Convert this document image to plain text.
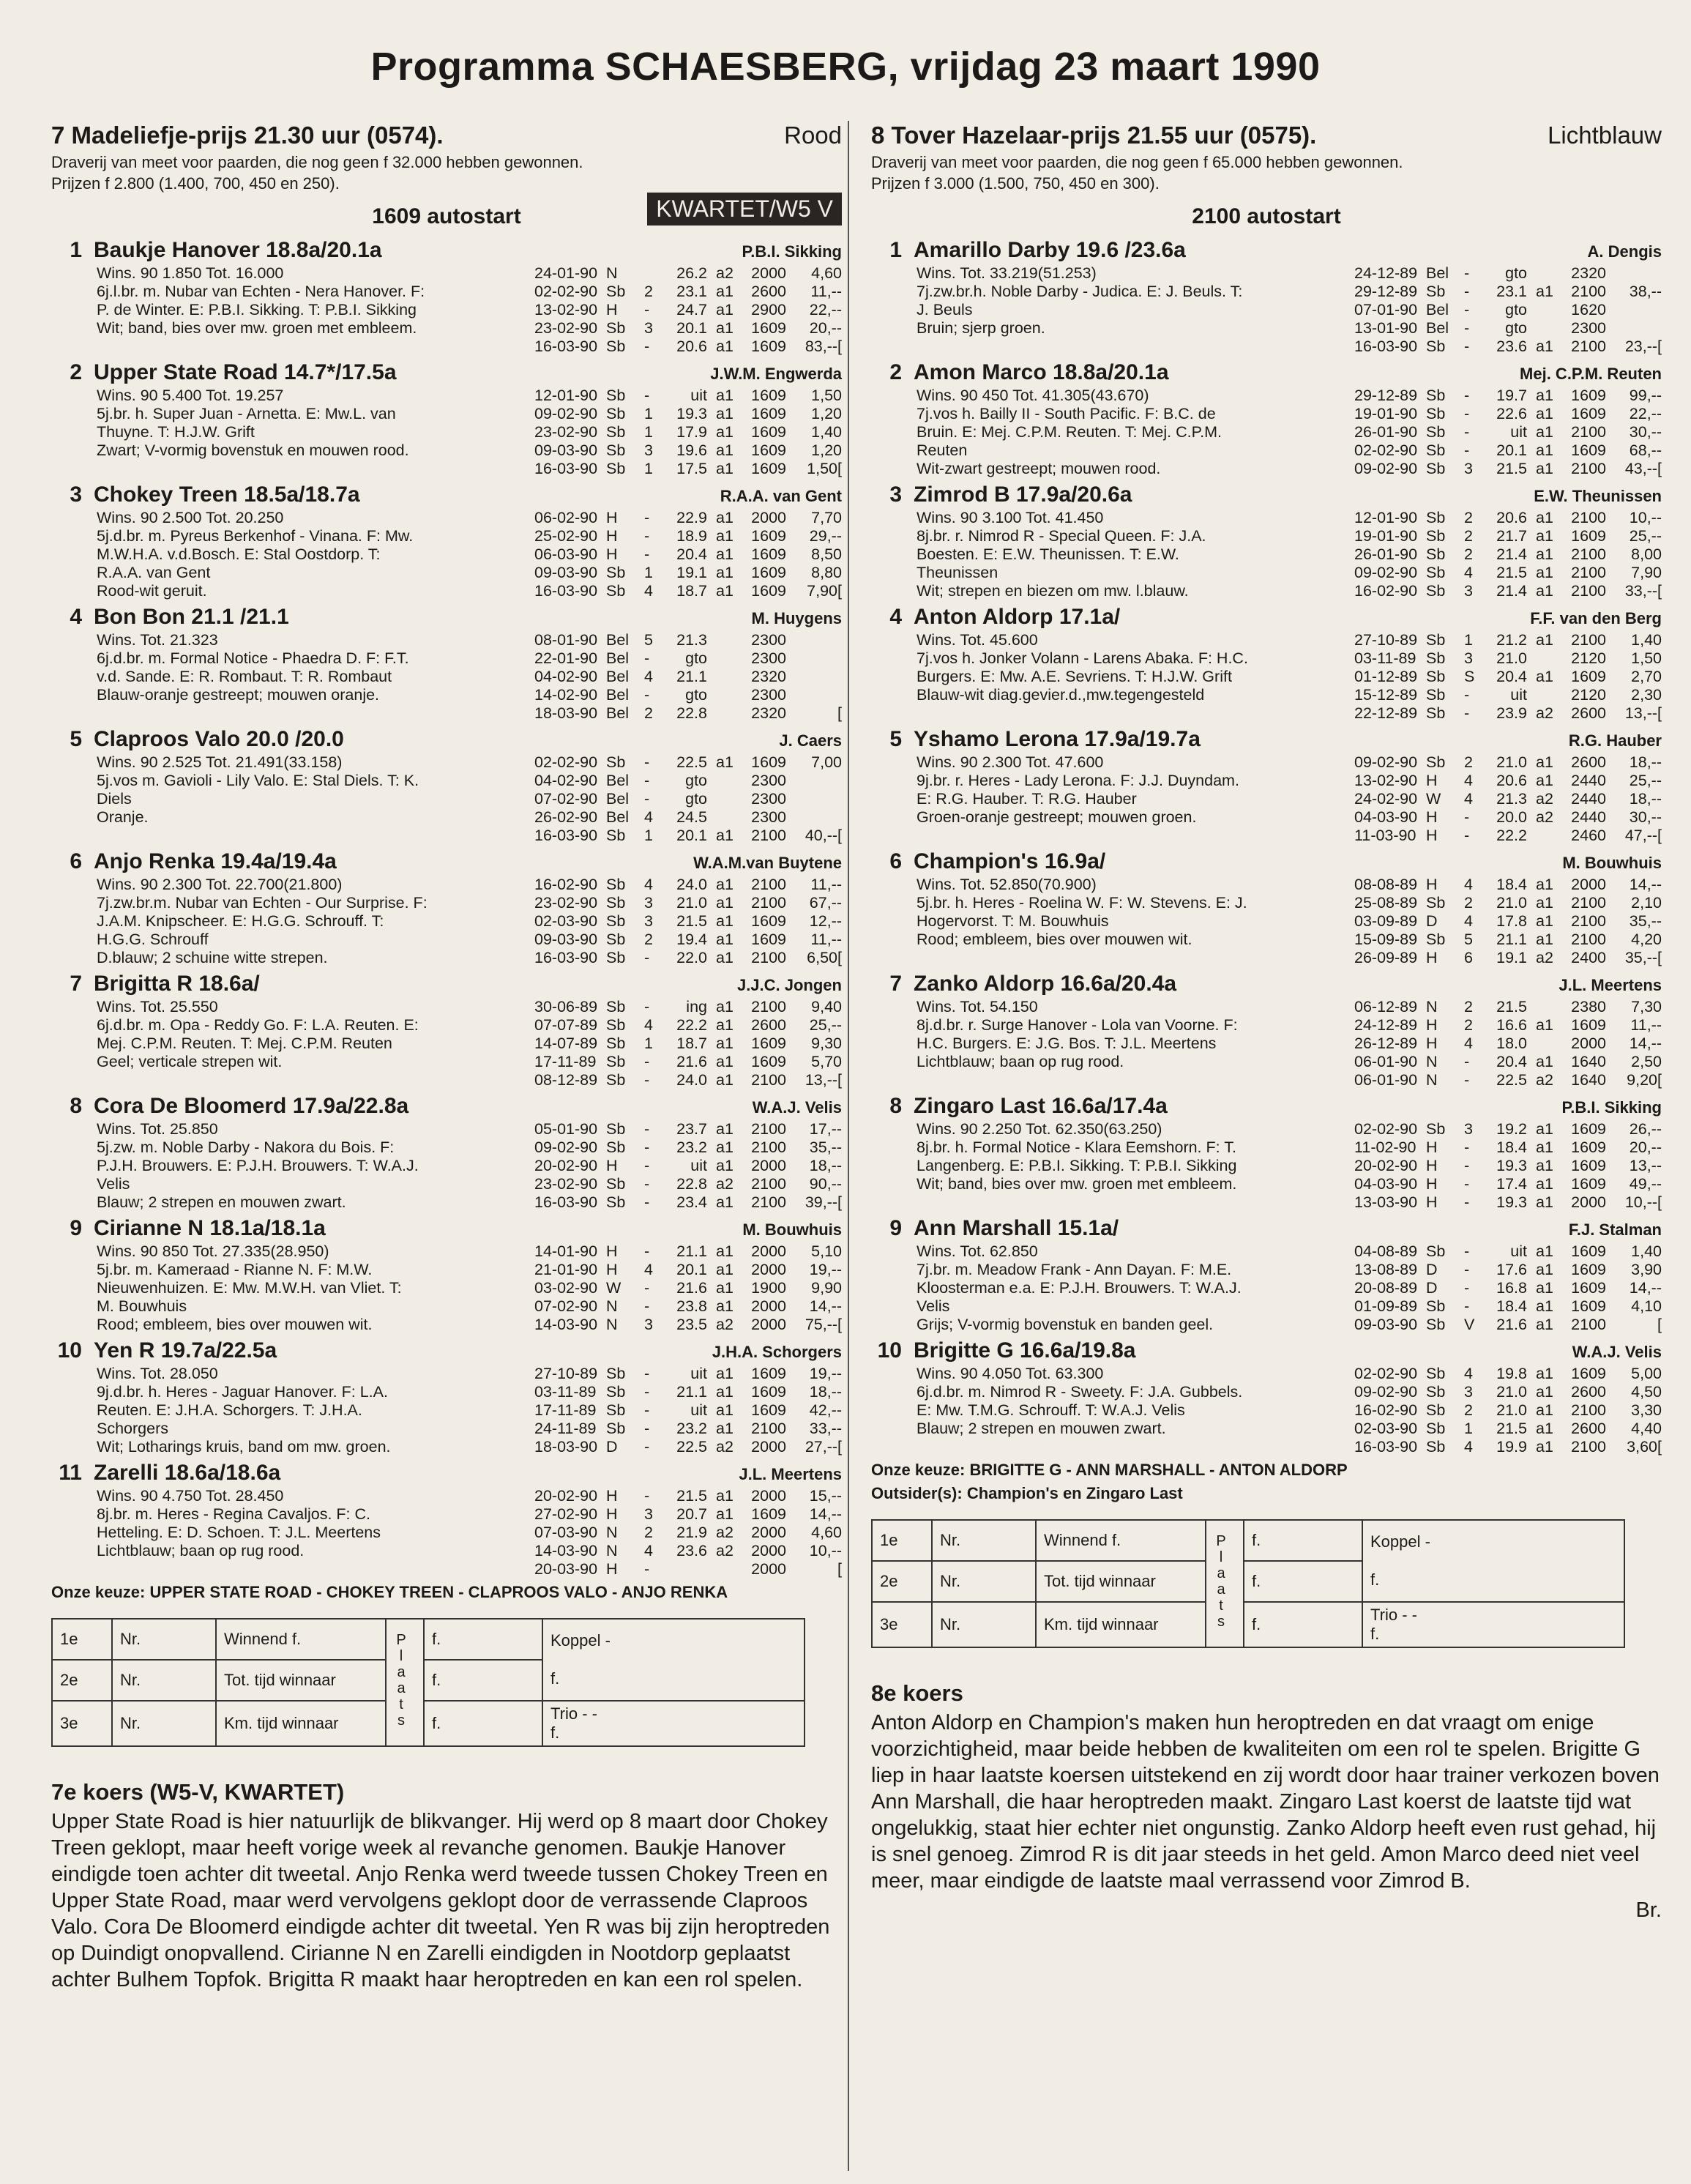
Programma SCHAESBERG, vrijdag 23 maart 1990
7 Madeliefje-prijs 21.30 uur (0574).	Rood
Draverij van meet voor paarden, die nog geen f 32.000 hebben gewonnen.
Prijzen f 2.800 (1.400, 700, 450 en 250).
1609 autostart	KWARTET/W5 V
1 Baukje Hanover 18.8a/20.1a	P.B.I. Sikking
Wins. 90 1.850 Tot. 16.000
6j.l.br. m. Nubar van Echten - Nera Hanover. F:
P. de Winter. E: P.B.I. Sikking. T: P.B.I. Sikking
Wit; band, bies over mw. groen met embleem.
24-01-90 N	26.2 a2	2000	4,60
02-02-90 Sb	2	23.1 a1	2600	11,--
13-02-90 H	-	24.7 a1	2900	22,--
23-02-90 Sb	3	20.1 a1	1609	20,--
16-03-90 Sb	-	20.6 a1	1609	83,--[
2 Upper State Road 14.7*/17.5a	J.W.M. Engwerda
Wins. 90 5.400 Tot. 19.257
5j.br. h. Super Juan - Arnetta. E: Mw.L. van
Thuyne. T: H.J.W. Grift
Zwart; V-vormig bovenstuk en mouwen rood.
12-01-90 Sb	-	uit a1	1609	1,50
09-02-90 Sb	1	19.3 a1	1609	1,20
23-02-90 Sb	1	17.9 a1	1609	1,40
09-03-90 Sb	3	19.6 a1	1609	1,20
16-03-90 Sb	1	17.5 a1	1609	1,50[
3 Chokey Treen 18.5a/18.7a	R.A.A. van Gent
Wins. 90 2.500 Tot. 20.250
5j.d.br. m. Pyreus Berkenhof - Vinana. F: Mw.
M.W.H.A. v.d.Bosch. E: Stal Oostdorp. T:
R.A.A. van Gent
Rood-wit geruit.
06-02-90 H	-	22.9 a1	2000	7,70
25-02-90 H	-	18.9 a1	1609	29,--
06-03-90 H	-	20.4 a1	1609	8,50
09-03-90 Sb	1	19.1 a1	1609	8,80
16-03-90 Sb	4	18.7 a1	1609	7,90[
4 Bon Bon 21.1 /21.1	M. Huygens
Wins. Tot. 21.323
6j.d.br. m. Formal Notice - Phaedra D. F: F.T.
v.d. Sande. E: R. Rombaut. T: R. Rombaut
Blauw-oranje gestreept; mouwen oranje.
08-01-90 Bel 5	21.3	2300
22-01-90 Bel -	gto	2300
04-02-90 Bel 4	21.1	2320
14-02-90 Bel -	gto	2300
18-03-90 Bel 2	22.8	2320	[
5 Claproos Valo 20.0 /20.0	J. Caers
Wins. 90 2.525 Tot. 21.491(33.158)
5j.vos m. Gavioli - Lily Valo. E: Stal Diels. T: K.
Diels
Oranje.
02-02-90 Sb	-	22.5 a1	1609	7,00
04-02-90 Bel -	gto	2300
07-02-90 Bel -	gto	2300
26-02-90 Bel 4	24.5	2300
16-03-90 Sb	1	20.1 a1	2100	40,--[
6 Anjo Renka 19.4a/19.4a	W.A.M.van Buytene
Wins. 90 2.300 Tot. 22.700(21.800)
7j.zw.br.m. Nubar van Echten - Our Surprise. F:
J.A.M. Knipscheer. E: H.G.G. Schrouff. T:
H.G.G. Schrouff
D.blauw; 2 schuine witte strepen.
16-02-90 Sb	4	24.0 a1	2100	11,--
23-02-90 Sb	3	21.0 a1	2100	67,--
02-03-90 Sb	3	21.5 a1	1609	12,--
09-03-90 Sb	2	19.4 a1	1609	11,--
16-03-90 Sb	-	22.0 a1	2100	6,50[
7 Brigitta R 18.6a/	J.J.C. Jongen
Wins. Tot. 25.550
6j.d.br. m. Opa - Reddy Go. F: L.A. Reuten. E:
Mej. C.P.M. Reuten. T: Mej. C.P.M. Reuten
Geel; verticale strepen wit.
30-06-89 Sb	-	ing a1	2100	9,40
07-07-89 Sb	4	22.2 a1	2600	25,--
14-07-89 Sb	1	18.7 a1	1609	9,30
17-11-89 Sb	-	21.6 a1	1609	5,70
08-12-89 Sb	-	24.0 a1	2100	13,--[
8 Cora De Bloomerd 17.9a/22.8a	W.A.J. Velis
Wins. Tot. 25.850
5j.zw. m. Noble Darby - Nakora du Bois. F:
P.J.H. Brouwers. E: P.J.H. Brouwers. T: W.A.J.
Velis
Blauw; 2 strepen en mouwen zwart.
05-01-90 Sb	-	23.7 a1	2100	17,--
09-02-90 Sb	-	23.2 a1	2100	35,--
20-02-90 H	-	uit a1	2000	18,--
23-02-90 Sb	-	22.8 a2	2100	90,--
16-03-90 Sb	-	23.4 a1	2100	39,--[
9 Cirianne N 18.1a/18.1a	M. Bouwhuis
Wins. 90 850 Tot. 27.335(28.950)
5j.br. m. Kameraad - Rianne N. F: M.W.
Nieuwenhuizen. E: Mw. M.W.H. van Vliet. T:
M. Bouwhuis
Rood; embleem, bies over mouwen wit.
14-01-90 H	-	21.1 a1	2000	5,10
21-01-90 H	4	20.1 a1	2000	19,--
03-02-90 W	-	21.6 a1	1900	9,90
07-02-90 N	-	23.8 a1	2000	14,--
14-03-90 N	3	23.5 a2	2000	75,--[
10 Yen R 19.7a/22.5a	J.H.A. Schorgers
Wins. Tot. 28.050
9j.d.br. h. Heres - Jaguar Hanover. F: L.A.
Reuten. E: J.H.A. Schorgers. T: J.H.A.
Schorgers
Wit; Lotharings kruis, band om mw. groen.
27-10-89 Sb	-	uit a1	1609	19,--
03-11-89 Sb	-	21.1 a1	1609	18,--
17-11-89 Sb	-	uit a1	1609	42,--
24-11-89 Sb	-	23.2 a1	2100	33,--
18-03-90 D	-	22.5 a2	2000	27,--[
11 Zarelli 18.6a/18.6a	J.L. Meertens
Wins. 90 4.750 Tot. 28.450
8j.br. m. Heres - Regina Cavaljos. F: C.
Hetteling. E: D. Schoen. T: J.L. Meertens
Lichtblauw; baan op rug rood.
20-02-90 H	-	21.5 a1	2000	15,--
27-02-90 H	3	20.7 a1	1609	14,--
07-03-90 N	2	21.9 a2	2000	4,60
14-03-90 N	4	23.6 a2	2000	10,--
20-03-90 H	-	2000	[
Onze keuze: UPPER STATE ROAD - CHOKEY TREEN - CLAPROOS VALO - ANJO RENKA
1e	Nr.	Winnend f.	Plaats	f.	Koppel -

f.
2e	Nr.	Tot. tijd winnaar		f.	
3e	Nr.	Km. tijd winnaar		f.	Trio - -
f.
7e koers (W5-V, KWARTET)
Upper State Road is hier natuurlijk de blikvanger. Hij werd op 8 maart door Chokey Treen geklopt, maar heeft vorige week al revanche genomen. Baukje Hanover eindigde toen achter dit tweetal. Anjo Renka werd tweede tussen Chokey Treen en Upper State Road, maar werd vervolgens geklopt door de verrassende Claproos Valo. Cora De Bloomerd eindigde achter dit tweetal. Yen R was bij zijn heroptreden op Duindigt onopvallend. Cirianne N en Zarelli eindigden in Nootdorp geplaatst achter Bulhem Topfok. Brigitta R maakt haar heroptreden en kan een rol spelen.
8 Tover Hazelaar-prijs 21.55 uur (0575).	Lichtblauw
Draverij van meet voor paarden, die nog geen f 65.000 hebben gewonnen.
Prijzen f 3.000 (1.500, 750, 450 en 300).
2100 autostart
1 Amarillo Darby 19.6 /23.6a	A. Dengis
Wins. Tot. 33.219(51.253)
7j.zw.br.h. Noble Darby - Judica. E: J. Beuls. T:
J. Beuls
Bruin; sjerp groen.
24-12-89 Bel -	gto	2320
29-12-89 Sb	-	23.1 a1	2100	38,--
07-01-90 Bel -	gto	1620
13-01-90 Bel -	gto	2300
16-03-90 Sb	-	23.6 a1	2100	23,--[
2 Amon Marco 18.8a/20.1a	Mej. C.P.M. Reuten
Wins. 90 450 Tot. 41.305(43.670)
7j.vos h. Bailly II - South Pacific. F: B.C. de
Bruin. E: Mej. C.P.M. Reuten. T: Mej. C.P.M.
Reuten
Wit-zwart gestreept; mouwen rood.
29-12-89 Sb	-	19.7 a1	1609	99,--
19-01-90 Sb	-	22.6 a1	1609	22,--
26-01-90 Sb	-	uit a1	2100	30,--
02-02-90 Sb	-	20.1 a1	1609	68,--
09-02-90 Sb	3	21.5 a1	2100	43,--[
3 Zimrod B 17.9a/20.6a	E.W. Theunissen
Wins. 90 3.100 Tot. 41.450
8j.br. r. Nimrod R - Special Queen. F: J.A.
Boesten. E: E.W. Theunissen. T: E.W.
Theunissen
Wit; strepen en biezen om mw. l.blauw.
12-01-90 Sb	2	20.6 a1	2100	10,--
19-01-90 Sb	2	21.7 a1	1609	25,--
26-01-90 Sb	2	21.4 a1	2100	8,00
09-02-90 Sb	4	21.5 a1	2100	7,90
16-02-90 Sb	3	21.4 a1	2100	33,--[
4 Anton Aldorp 17.1a/	F.F. van den Berg
Wins. Tot. 45.600
7j.vos h. Jonker Volann - Larens Abaka. F: H.C.
Burgers. E: Mw. A.E. Sevriens. T: H.J.W. Grift
Blauw-wit diag.gevier.d.,mw.tegengesteld
27-10-89 Sb	1	21.2 a1	2100	1,40
03-11-89 Sb	3	21.0	2120	1,50
01-12-89 Sb	S	20.4 a1	1609	2,70
15-12-89 Sb	-	uit	2120	2,30
22-12-89 Sb	-	23.9 a2	2600	13,--[
5 Yshamo Lerona 17.9a/19.7a	R.G. Hauber
Wins. 90 2.300 Tot. 47.600
9j.br. r. Heres - Lady Lerona. F: J.J. Duyndam.
E: R.G. Hauber. T: R.G. Hauber
Groen-oranje gestreept; mouwen groen.
09-02-90 Sb	2	21.0 a1	2600	18,--
13-02-90 H	4	20.6 a1	2440	25,--
24-02-90 W	4	21.3 a2	2440	18,--
04-03-90 H	-	20.0 a2	2440	30,--
11-03-90 H	-	22.2	2460	47,--[
6 Champion's 16.9a/	M. Bouwhuis
Wins. Tot. 52.850(70.900)
5j.br. h. Heres - Roelina W. F: W. Stevens. E: J.
Hogervorst. T: M. Bouwhuis
Rood; embleem, bies over mouwen wit.
08-08-89 H	4	18.4 a1	2000	14,--
25-08-89 Sb	2	21.0 a1	2100	2,10
03-09-89 D	4	17.8 a1	2100	35,--
15-09-89 Sb	5	21.1 a1	2100	4,20
26-09-89 H	6	19.1 a2	2400	35,--[
7 Zanko Aldorp 16.6a/20.4a	J.L. Meertens
Wins. Tot. 54.150
8j.d.br. r. Surge Hanover - Lola van Voorne. F:
H.C. Burgers. E: J.G. Bos. T: J.L. Meertens
Lichtblauw; baan op rug rood.
06-12-89 N	2	21.5	2380	7,30
24-12-89 H	2	16.6 a1	1609	11,--
26-12-89 H	4	18.0	2000	14,--
06-01-90 N	-	20.4 a1	1640	2,50
06-01-90 N	-	22.5 a2	1640	9,20[
8 Zingaro Last 16.6a/17.4a	P.B.I. Sikking
Wins. 90 2.250 Tot. 62.350(63.250)
8j.br. h. Formal Notice - Klara Eemshorn. F: T.
Langenberg. E: P.B.I. Sikking. T: P.B.I. Sikking
Wit; band, bies over mw. groen met embleem.
02-02-90 Sb	3	19.2 a1	1609	26,--
11-02-90 H	-	18.4 a1	1609	20,--
20-02-90 H	-	19.3 a1	1609	13,--
04-03-90 H	-	17.4 a1	1609	49,--
13-03-90 H	-	19.3 a1	2000	10,--[
9 Ann Marshall 15.1a/	F.J. Stalman
Wins. Tot. 62.850
7j.br. m. Meadow Frank - Ann Dayan. F: M.E.
Kloosterman e.a. E: P.J.H. Brouwers. T: W.A.J.
Velis
Grijs; V-vormig bovenstuk en banden geel.
04-08-89 Sb	-	uit a1	1609	1,40
13-08-89 D	-	17.6 a1	1609	3,90
20-08-89 D	-	16.8 a1	1609	14,--
01-09-89 Sb	-	18.4 a1	1609	4,10
09-03-90 Sb	V	21.6 a1	2100	[
10 Brigitte G 16.6a/19.8a	W.A.J. Velis
Wins. 90 4.050 Tot. 63.300
6j.d.br. m. Nimrod R - Sweety. F: J.A. Gubbels.
E: Mw. T.M.G. Schrouff. T: W.A.J. Velis
Blauw; 2 strepen en mouwen zwart.
02-02-90 Sb	4	19.8 a1	1609	5,00
09-02-90 Sb	3	21.0 a1	2600	4,50
16-02-90 Sb	2	21.0 a1	2100	3,30
02-03-90 Sb	1	21.5 a1	2600	4,40
16-03-90 Sb	4	19.9 a1	2100	3,60[
Onze keuze: BRIGITTE G - ANN MARSHALL - ANTON ALDORP
Outsider(s): Champion's en Zingaro Last
1e	Nr.	Winnend f.	Plaats	f.	Koppel -

f.
2e	Nr.	Tot. tijd winnaar		f.	
3e	Nr.	Km. tijd winnaar		f.	Trio - -
f.
8e koers
Anton Aldorp en Champion's maken hun heroptreden en dat vraagt om enige voorzichtigheid, maar beide hebben de kwaliteiten om een rol te spelen. Brigitte G liep in haar laatste koersen uitstekend en zij wordt door haar trainer verkozen boven Ann Marshall, die haar heroptreden maakt. Zingaro Last koerst de laatste tijd wat ongelukkig, staat hier echter niet ongunstig. Zanko Aldorp heeft even rust gehad, hij is snel genoeg. Zimrod R is dit jaar steeds in het geld. Amon Marco deed niet veel meer, maar eindigde de laatste maal verrassend voor Zimrod B.
Br.
